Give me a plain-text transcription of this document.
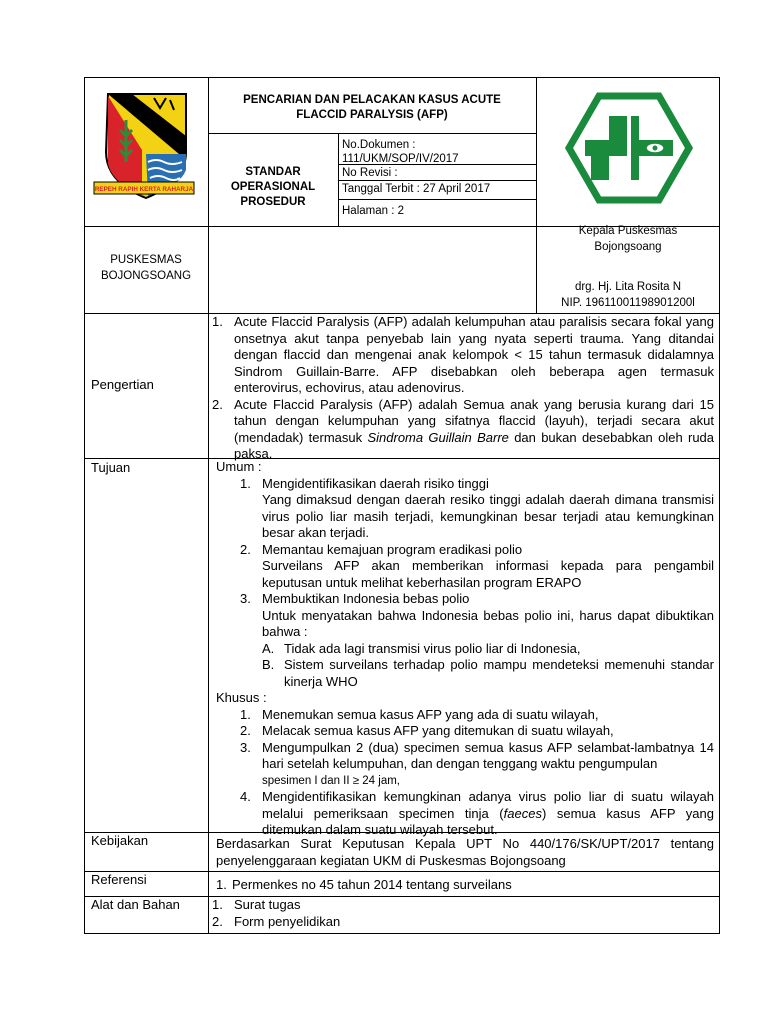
REPEH RAPIH KERTA RAHARJA
PENCARIAN DAN PELACAKAN KASUS ACUTE
FLACCID PARALYSIS (AFP)
STANDAR
OPERASIONAL
PROSEDUR
No.Dokumen :
111/UKM/SOP/IV/2017
No Revisi :
Tanggal Terbit : 27 April 2017
Halaman : 2
PUSKESMAS
BOJONGSOANG
Kepala Puskesmas
Bojongsoang
drg. Hj. Lita Rosita N
NIP. 19611001198901200l
Pengertian
1. Acute Flaccid Paralysis (AFP) adalah kelumpuhan atau paralisis secara fokal yang onsetnya akut tanpa penyebab lain yang nyata seperti trauma. Yang ditandai dengan flaccid dan mengenai anak kelompok < 15 tahun termasuk didalamnya Sindrom Guillain-Barre. AFP disebabkan oleh beberapa agen termasuk enterovirus, echovirus, atau adenovirus.
2. Acute Flaccid Paralysis (AFP) adalah Semua anak yang berusia kurang dari 15 tahun dengan kelumpuhan yang sifatnya flaccid (layuh), terjadi secara akut (mendadak) termasuk Sindroma Guillain Barre dan bukan desebabkan oleh ruda paksa.
Tujuan	Umum :
1. Mengidentifikasikan daerah risiko tinggi
Yang dimaksud dengan daerah resiko tinggi adalah daerah dimana transmisi virus polio liar masih terjadi, kemungkinan besar terjadi atau kemungkinan besar akan terjadi.
2. Memantau kemajuan program eradikasi polio
Surveilans AFP akan memberikan informasi kepada para pengambil keputusan untuk melihat keberhasilan program ERAPO
3. Membuktikan Indonesia bebas polio
Untuk menyatakan bahwa Indonesia bebas polio ini, harus dapat dibuktikan bahwa :
A. Tidak ada lagi transmisi virus polio liar di Indonesia,
B. Sistem surveilans terhadap polio mampu mendeteksi memenuhi standar kinerja WHO
Khusus :
1. Menemukan semua kasus AFP yang ada di suatu wilayah,
2. Melacak semua kasus AFP yang ditemukan di suatu wilayah,
3. Mengumpulkan 2 (dua) specimen semua kasus AFP selambat-lambatnya 14 hari setelah kelumpuhan, dan dengan tenggang waktu pengumpulan
spesimen I dan II ≥ 24 jam,
4. Mengidentifikasikan kemungkinan adanya virus polio liar di suatu wilayah melalui pemeriksaan specimen tinja (faeces) semua kasus AFP yang ditemukan dalam suatu wilayah tersebut.
Kebijakan	Berdasarkan Surat Keputusan Kepala UPT No 440/176/SK/UPT/2017 tentang penyelenggaraan kegiatan UKM di Puskesmas Bojongsoang
Referensi	1. Permenkes no 45 tahun 2014 tentang surveilans
Alat dan Bahan 1. Surat tugas
2. Form penyelidikan
